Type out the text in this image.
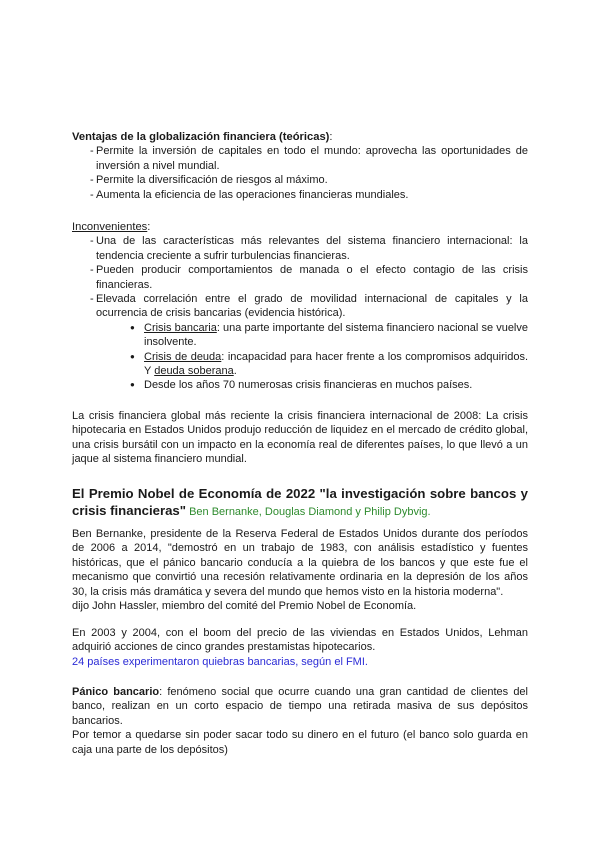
Ventajas de la globalización financiera (teóricas):

- Permite la inversión de capitales en todo el mundo: aprovecha las oportunidades de inversión a nivel mundial.
- Permite la diversificación de riesgos al máximo.
- Aumenta la eficiencia de las operaciones financieras mundiales.

Inconvenientes:

- Una de las características más relevantes del sistema financiero internacional: la tendencia creciente a sufrir turbulencias financieras.
- Pueden producir comportamientos de manada o el efecto contagio de las crisis financieras.
- Elevada correlación entre el grado de movilidad internacional de capitales y la ocurrencia de crisis bancarias (evidencia histórica).
● Crisis bancaria: una parte importante del sistema financiero nacional se vuelve insolvente.
● Crisis de deuda: incapacidad para hacer frente a los compromisos adquiridos. Y deuda soberana.
● Desde los años 70 numerosas crisis financieras en muchos países.

La crisis financiera global más reciente la crisis financiera internacional de 2008: La crisis hipotecaria en Estados Unidos produjo reducción de liquidez en el mercado de crédito global, una crisis bursátil con un impacto en la economía real de diferentes países, lo que llevó a un jaque al sistema financiero mundial.

El Premio Nobel de Economía de 2022 "la investigación sobre bancos y crisis financieras" Ben Bernanke, Douglas Diamond y Philip Dybvig.

Ben Bernanke, presidente de la Reserva Federal de Estados Unidos durante dos períodos de 2006 a 2014, "demostró en un trabajo de 1983, con análisis estadístico y fuentes históricas, que el pánico bancario conducía a la quiebra de los bancos y que este fue el mecanismo que convirtió una recesión relativamente ordinaria en la depresión de los años 30, la crisis más dramática y severa del mundo que hemos visto en la historia moderna".

dijo John Hassler, miembro del comité del Premio Nobel de Economía.

En 2003 y 2004, con el boom del precio de las viviendas en Estados Unidos, Lehman adquirió acciones de cinco grandes prestamistas hipotecarios.

24 países experimentaron quiebras bancarias, según el FMI.

Pánico bancario: fenómeno social que ocurre cuando una gran cantidad de clientes del banco, realizan en un corto espacio de tiempo una retirada masiva de sus depósitos bancarios.

Por temor a quedarse sin poder sacar todo su dinero en el futuro (el banco solo guarda en caja una parte de los depósitos)
